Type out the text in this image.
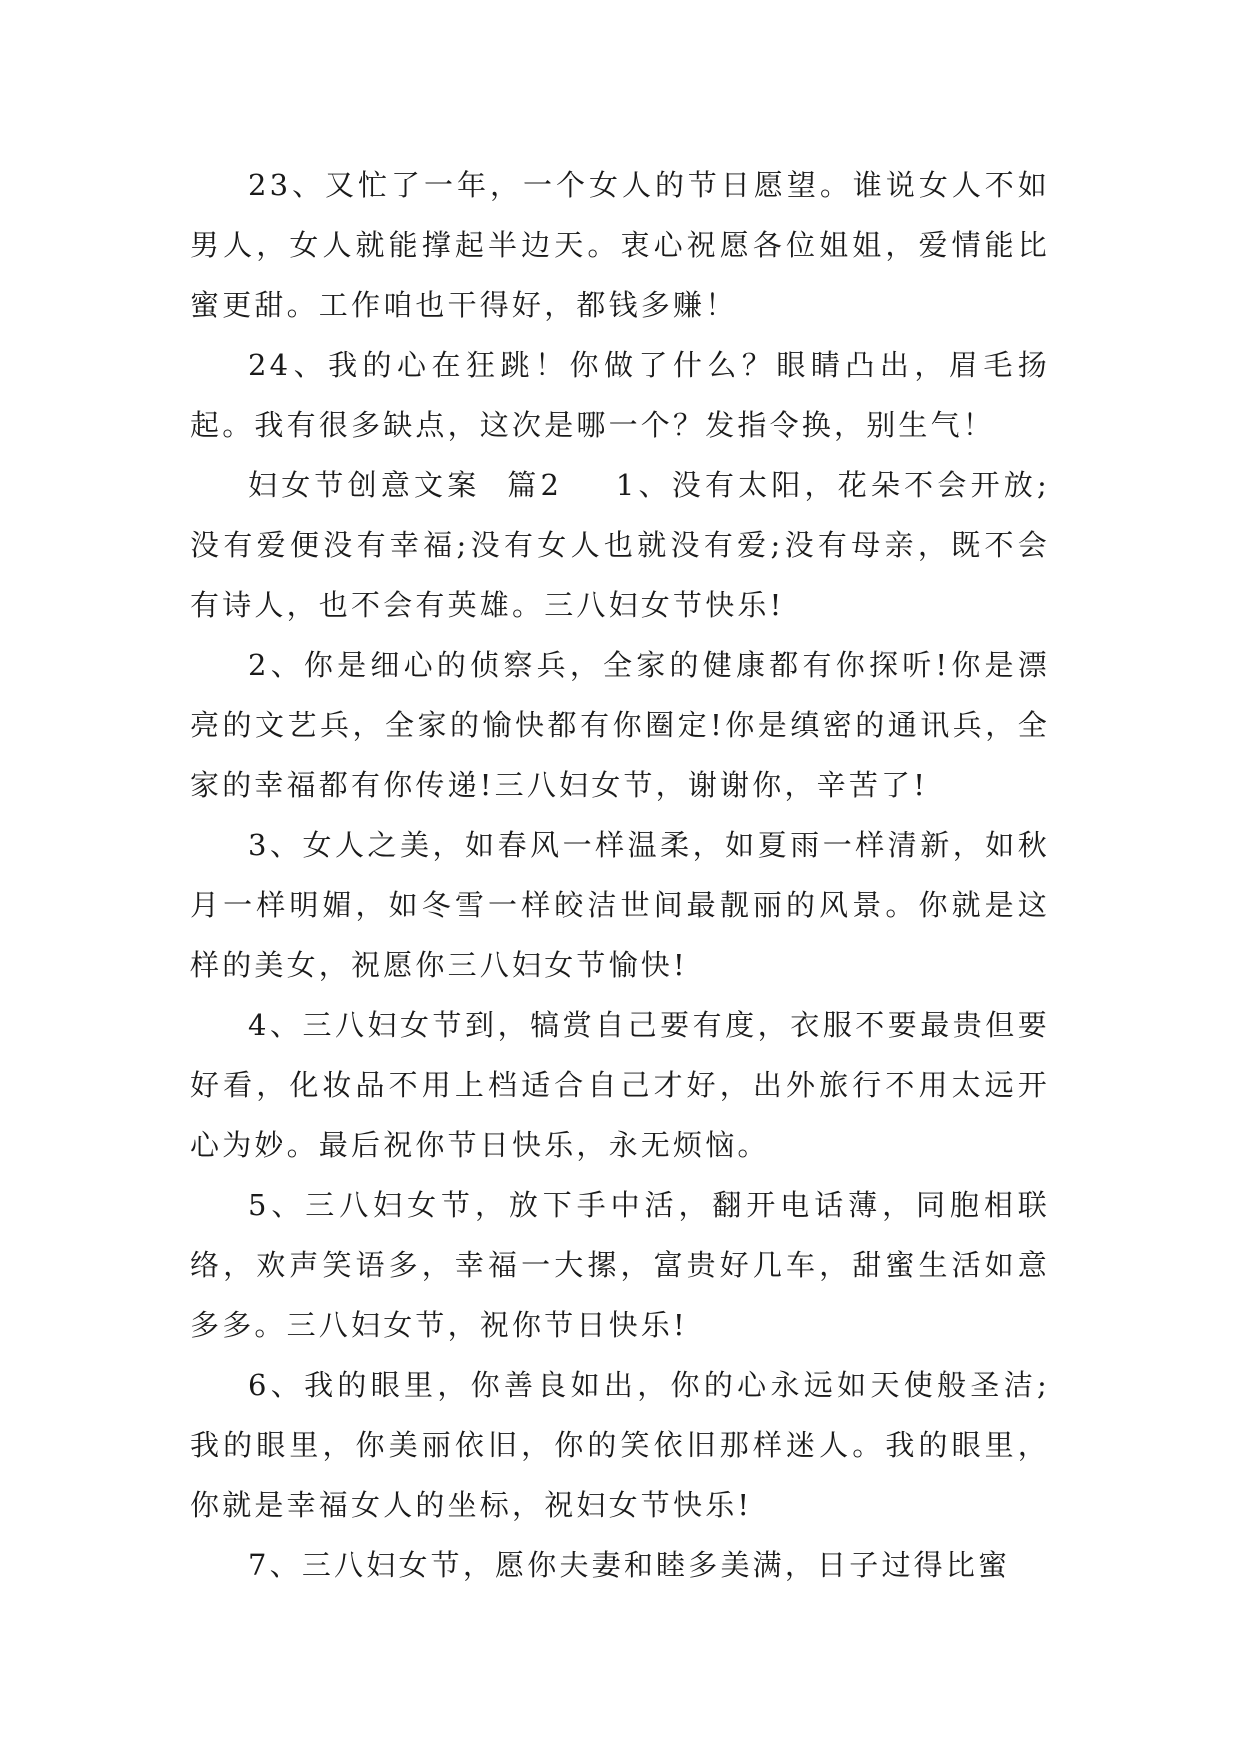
23、又忙了一年，一个女人的节日愿望。谁说女人不如男人，女人就能撑起半边天。衷心祝愿各位姐姐，爱情能比蜜更甜。工作咱也干得好，都钱多赚！

24、我的心在狂跳！你做了什么？眼睛凸出，眉毛扬起。我有很多缺点，这次是哪一个？发指令换，别生气！

妇女节创意文案  篇2    1、没有太阳，花朵不会开放;没有爱便没有幸福;没有女人也就没有爱;没有母亲，既不会有诗人，也不会有英雄。三八妇女节快乐!

2、你是细心的侦察兵，全家的健康都有你探听!你是漂亮的文艺兵，全家的愉快都有你圈定!你是缜密的通讯兵，全家的幸福都有你传递!三八妇女节，谢谢你，辛苦了!

3、女人之美，如春风一样温柔，如夏雨一样清新，如秋月一样明媚，如冬雪一样皎洁世间最靓丽的风景。你就是这样的美女，祝愿你三八妇女节愉快!

4、三八妇女节到，犒赏自己要有度，衣服不要最贵但要好看，化妆品不用上档适合自己才好，出外旅行不用太远开心为妙。最后祝你节日快乐，永无烦恼。

5、三八妇女节，放下手中活，翻开电话薄，同胞相联络，欢声笑语多，幸福一大摞，富贵好几车，甜蜜生活如意多多。三八妇女节，祝你节日快乐!

6、我的眼里，你善良如出，你的心永远如天使般圣洁;我的眼里，你美丽依旧，你的笑依旧那样迷人。我的眼里，你就是幸福女人的坐标，祝妇女节快乐!

7、三八妇女节，愿你夫妻和睦多美满，日子过得比蜜
